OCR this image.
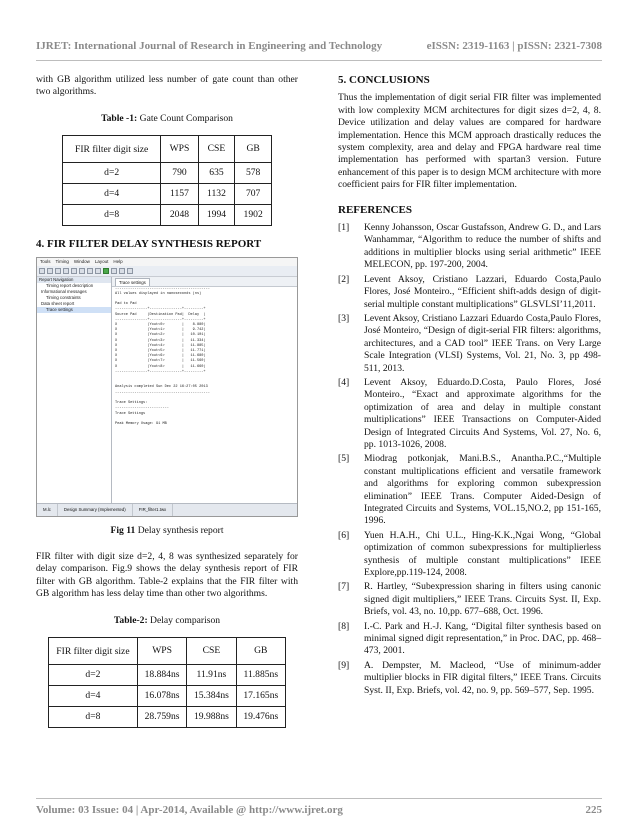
IJRET: International Journal of Research in Engineering and Technology	eISSN: 2319-1163 | pISSN: 2321-7308

with GB algorithm utilized less number of gate count than other two algorithms.

Table -1: Gate Count Comparison

FIR filter digit size	WPS	CSE	GB
d=2	790	635	578
d=4	1157	1132	707
d=8	2048	1994	1902
4. FIR FILTER DELAY SYNTHESIS REPORT
Tools Timing Window Layout Help
Report Navigation
Timing report description
Informational messages
Timing constraints
Data sheet report
Trace settings
Trace settings
--------------------------------------------
All values displayed in nanoseconds (ns)

Pad to Pad
---------------+---------------+---------+
Source Pad     |Destination Pad|  Delay  |
---------------+---------------+---------+
X              |Yout<0>        |    8.880|
X              |Yout<1>        |    9.742|
X              |Yout<2>        |   10.101|
X              |Yout<3>        |   11.334|
X              |Yout<4>        |   11.885|
X              |Yout<5>        |   11.771|
X              |Yout<6>        |   11.680|
X              |Yout<7>        |   11.560|
X              |Yout<8>        |   11.660|
---------------+---------------+---------+

Analysis completed Sun Dec 22 16:27:05 2013
--------------------------------------------

Trace Settings:
-------------------------
Trace Settings

Peak Memory Usage: 91 MB
M.lc	Design Summary (Implemented)	FIR_filter1.twx

Fig 11 Delay synthesis report

FIR filter with digit size d=2, 4, 8 was synthesized separately for delay comparison. Fig.9 shows the delay synthesis report of FIR filter with GB algorithm. Table-2 explains that the FIR filter with GB algorithm has less delay time than other two algorithms.

Table-2: Delay comparison

FIR filter digit size	WPS	CSE	GB
d=2	18.884ns	11.91ns	11.885ns
d=4	16.078ns	15.384ns	17.165ns
d=8	28.759ns	19.988ns	19.476ns
5. CONCLUSIONS

Thus the implementation of digit serial FIR filter was implemented with low complexity MCM architectures for digit sizes d=2, 4, 8. Device utilization and delay values are compared for hardware implementation. Hence this MCM approach drastically reduces the system complexity, area and delay and FPGA hardware real time implementation has performed with spartan3 version. Future enhancement of this paper is to design MCM architecture with more coefficient pairs for FIR filter implementation.

REFERENCES
[1]	Kenny Johansson, Oscar Gustafsson, Andrew G. D., and Lars Wanhammar, “Algorithm to reduce the number of shifts and additions in multiplier blocks using serial arithmetic” IEEE MELECON, pp. 197-200, 2004.
[2]	Levent Aksoy, Cristiano Lazzari, Eduardo Costa,Paulo Flores, José Monteiro., “Efficient shift-adds design of digit-serial multiple constant multiplications” GLSVLSI’11,2011.
[3]	Levent Aksoy, Cristiano Lazzari Eduardo Costa,Paulo Flores, José Monteiro, “Design of digit-serial FIR filters: algorithms, architectures, and a CAD tool” IEEE Trans. on Very Large Scale Integration (VLSI) Systems, Vol. 21, No. 3, pp 498-511, 2013.
[4]	Levent Aksoy, Eduardo.D.Costa, Paulo Flores, José Monteiro., “Exact and approximate algorithms for the optimization of area and delay in multiple constant multiplications” IEEE Transactions on Computer-Aided Design of Integrated Circuits And Systems, Vol. 27, No. 6, pp. 1013-1026, 2008.
[5]	Miodrag potkonjak, Mani.B.S., Anantha.P.C.,“Multiple constant multiplications efficient and versatile framework and algorithms for exploring common subexpression elimination” IEEE Trans. Computer Aided-Design of Integrated Circuits and Systems, VOL.15,NO.2, pp 151-165, 1996.
[6]	Yuen H.A.H., Chi U.L., Hing-K.K.,Ngai Wong, “Global optimization of common subexpressions for multiplierless synthesis of multiple constant multiplications” IEEE Explore,pp.119-124, 2008.
[7]	R. Hartley, “Subexpression sharing in filters using canonic signed digit multipliers,” IEEE Trans. Circuits Syst. II, Exp. Briefs, vol. 43, no. 10,pp. 677–688, Oct. 1996.
[8]	I.-C. Park and H.-J. Kang, “Digital filter synthesis based on minimal signed digit representation,” in Proc. DAC, pp. 468–473, 2001.
[9]	A. Dempster, M. Macleod, “Use of minimum-adder multiplier blocks in FIR digital filters,” IEEE Trans. Circuits Syst. II, Exp. Briefs, vol. 42, no. 9, pp. 569–577, Sep. 1995.
Volume: 03 Issue: 04 | Apr-2014, Available @ http://www.ijret.org	225
